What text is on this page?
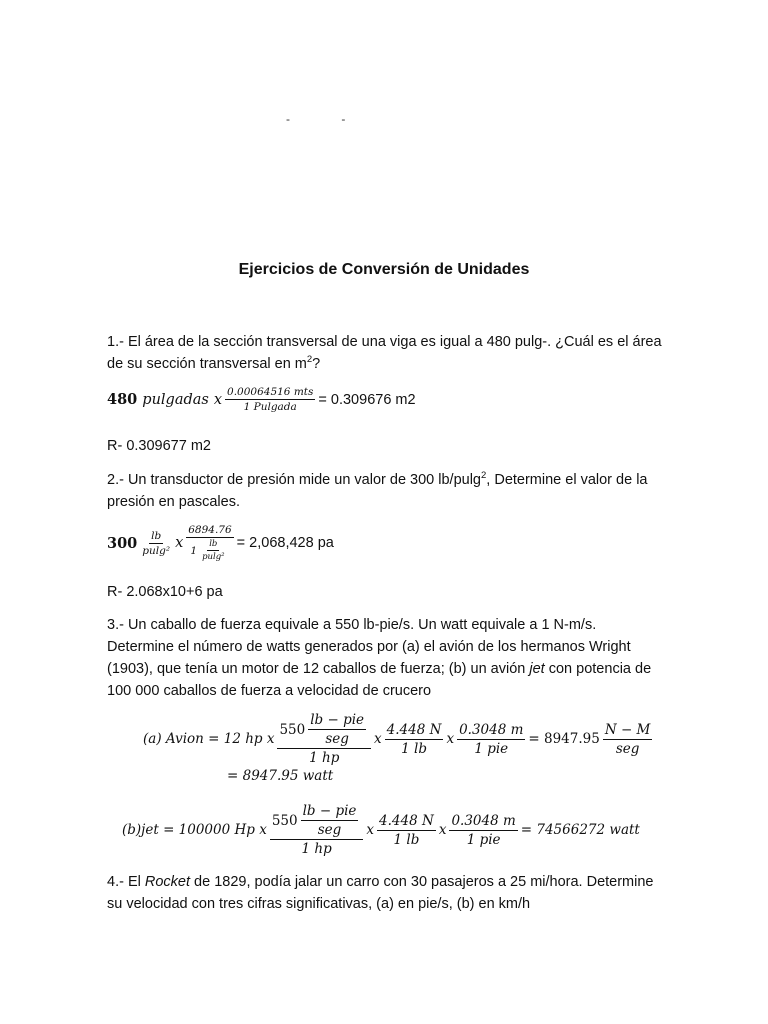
- -
Ejercicios de Conversión de Unidades
1.- El área de la sección transversal de una viga es igual a 480 pulg-. ¿Cuál es el área de su sección transversal en $m^2$?
480 pulgadas x $\frac{\text{0.00064516 mts}}{\text{1 Pulgada}} = 0.309676$ m2
R- 0.309677 m2
2.- Un transductor de presión mide un valor de 300 lb/pulg$^2$, Determine el valor de la presión en pascales.
$300 \frac{lb}{\text{pulg²}}$ x $\frac{6894.76}{1 \frac{lb}{\text{pulg²}}} = 2,068,428$ pa
R- 2.068x10+6 pa
3.- Un caballo de fuerza equivale a 550 lb-pie/s. Un watt equivale a 1 N-m/s. Determine el número de watts generados por (a) el avión de los hermanos Wright (1903), que tenía un motor de 12 caballos de fuerza; (b) un avión jet con potencia de 100 000 caballos de fuerza a velocidad de crucero
(a) Avion = 12 hp x $\frac{550 \frac{\text{lb − pie}}{\text{seg}}}{1 hp}$ x $\frac{4.448 N}{1 lb}$ x $\frac{0.3048 m}{\text{1 pie}} = 8947.95 \frac{N - M}{\text{seg}}$
= 8947.95 watt
(b)jet = 100000 Hp x $\frac{550 \frac{\text{lb − pie}}{\text{seg}}}{1 hp}$ x $\frac{4.448 N}{1 lb}$ x $\frac{0.3048 m}{\text{1 pie}} = 74566272$ watt
4.- El Rocket de 1829, podía jalar un carro con 30 pasajeros a 25 mi/hora. Determine su velocidad con tres cifras significativas, (a) en pie/s, (b) en km/h
